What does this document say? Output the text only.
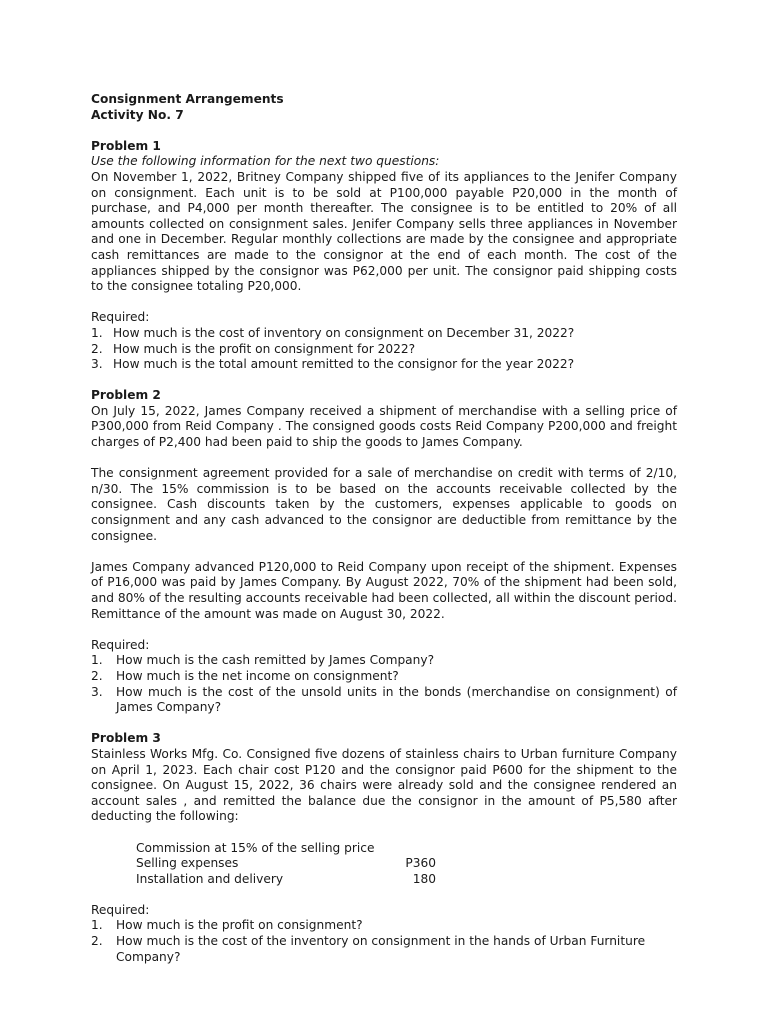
Consignment Arrangements

Activity No. 7

Problem 1

Use the following information for the next two questions:

On November 1, 2022, Britney Company shipped five of its appliances to the Jenifer Company on consignment. Each unit is to be sold at P100,000 payable P20,000 in the month of purchase, and P4,000 per month thereafter. The consignee is to be entitled to 20% of all amounts collected on consignment sales. Jenifer Company sells three appliances in November and one in December. Regular monthly collections are made by the consignee and appropriate cash remittances are made to the consignor at the end of each month. The cost of the appliances shipped by the consignor was P62,000 per unit. The consignor paid shipping costs to the consignee totaling P20,000.

Required:

1. How much is the cost of inventory on consignment on December 31, 2022?
2. How much is the profit on consignment for 2022?
3. How much is the total amount remitted to the consignor for the year 2022?

Problem 2

On July 15, 2022, James Company received a shipment of merchandise with a selling price of P300,000 from Reid Company . The consigned goods costs Reid Company P200,000 and freight charges of P2,400 had been paid to ship the goods to James Company.

The consignment agreement provided for a sale of merchandise on credit with terms of 2/10, n/30. The 15% commission is to be based on the accounts receivable collected by the consignee. Cash discounts taken by the customers, expenses applicable to goods on consignment and any cash advanced to the consignor are deductible from remittance by the consignee.

James Company advanced P120,000 to Reid Company upon receipt of the shipment. Expenses of P16,000 was paid by James Company. By August 2022, 70% of the shipment had been sold, and 80% of the resulting accounts receivable had been collected, all within the discount period. Remittance of the amount was made on August 30, 2022.

Required:

1.	How much is the cash remitted by James Company?
2.	How much is the net income on consignment?
3.	How much is the cost of the unsold units in the bonds (merchandise on consignment) of James Company?

Problem 3

Stainless Works Mfg. Co. Consigned five dozens of stainless chairs to Urban furniture Company on April 1, 2023. Each chair cost P120 and the consignor paid P600 for the shipment to the consignee. On August 15, 2022, 36 chairs were already sold and the consignee rendered an account sales , and remitted the balance due the consignor in the amount of P5,580 after deducting the following:

Commission at 15% of the selling price
Selling expenses	P360
Installation and delivery	180

Required:

1.	How much is the profit on consignment?
2.	How much is the cost of the inventory on consignment in the hands of Urban Furniture Company?
